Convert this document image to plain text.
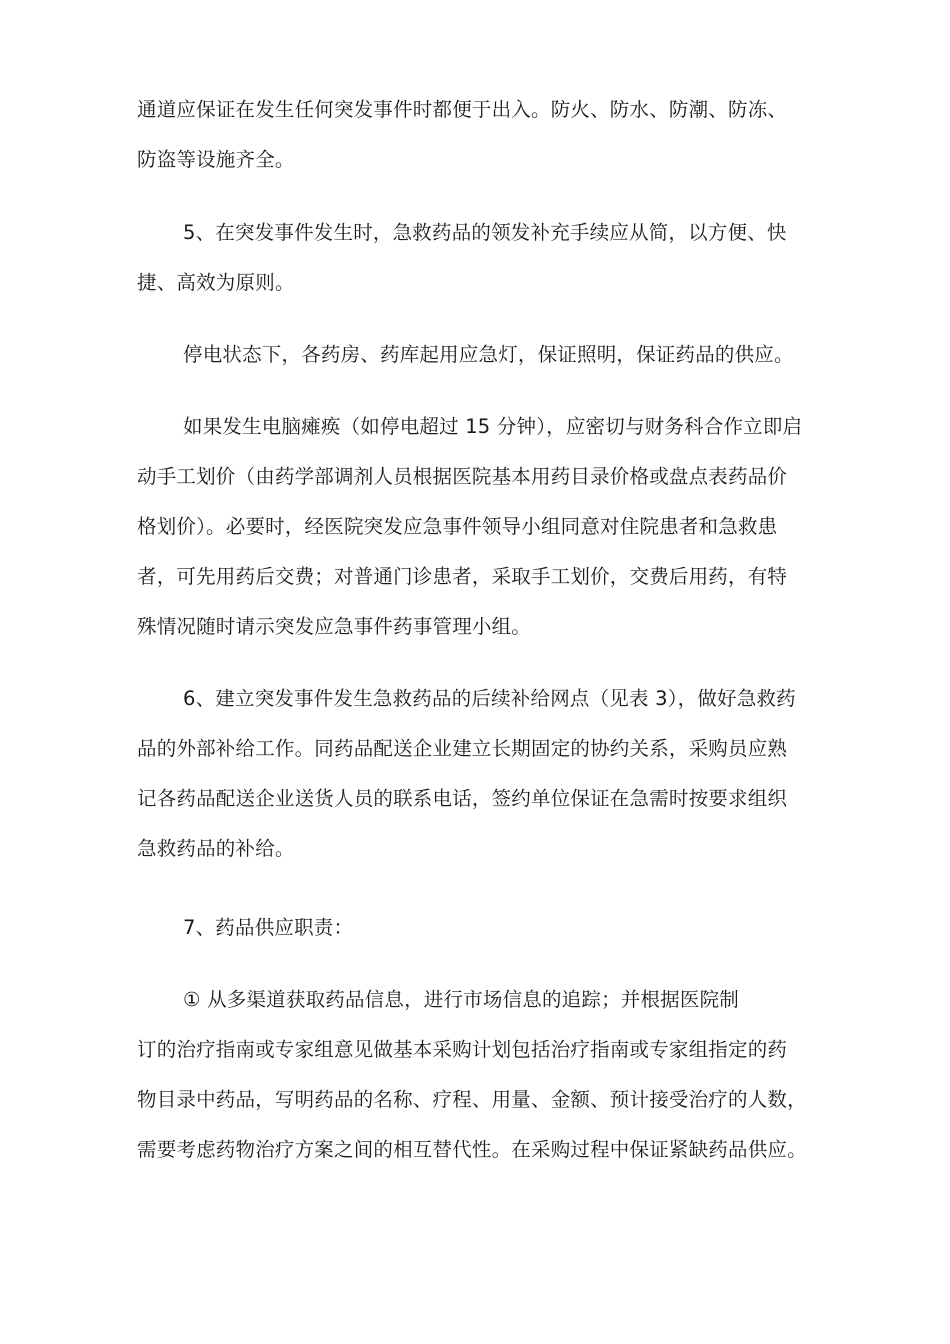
通道应保证在发生任何突发事件时都便于出入。防火、防水、防潮、防冻、
防盗等设施齐全。
5、在突发事件发生时，急救药品的领发补充手续应从简，以方便、快
捷、高效为原则。
停电状态下，各药房、药库起用应急灯，保证照明，保证药品的供应。
如果发生电脑瘫痪（如停电超过 15 分钟），应密切与财务科合作立即启
动手工划价（由药学部调剂人员根据医院基本用药目录价格或盘点表药品价
格划价）。必要时，经医院突发应急事件领导小组同意对住院患者和急救患
者，可先用药后交费；对普通门诊患者，采取手工划价，交费后用药，有特
殊情况随时请示突发应急事件药事管理小组。
6、建立突发事件发生急救药品的后续补给网点（见表 3），做好急救药
品的外部补给工作。同药品配送企业建立长期固定的协约关系，采购员应熟
记各药品配送企业送货人员的联系电话，签约单位保证在急需时按要求组织
急救药品的补给。
7、药品供应职责：
① 从多渠道获取药品信息，进行市场信息的追踪；并根据医院制
订的治疗指南或专家组意见做基本采购计划包括治疗指南或专家组指定的药
物目录中药品，写明药品的名称、疗程、用量、金额、预计接受治疗的人数，
需要考虑药物治疗方案之间的相互替代性。在采购过程中保证紧缺药品供应。
